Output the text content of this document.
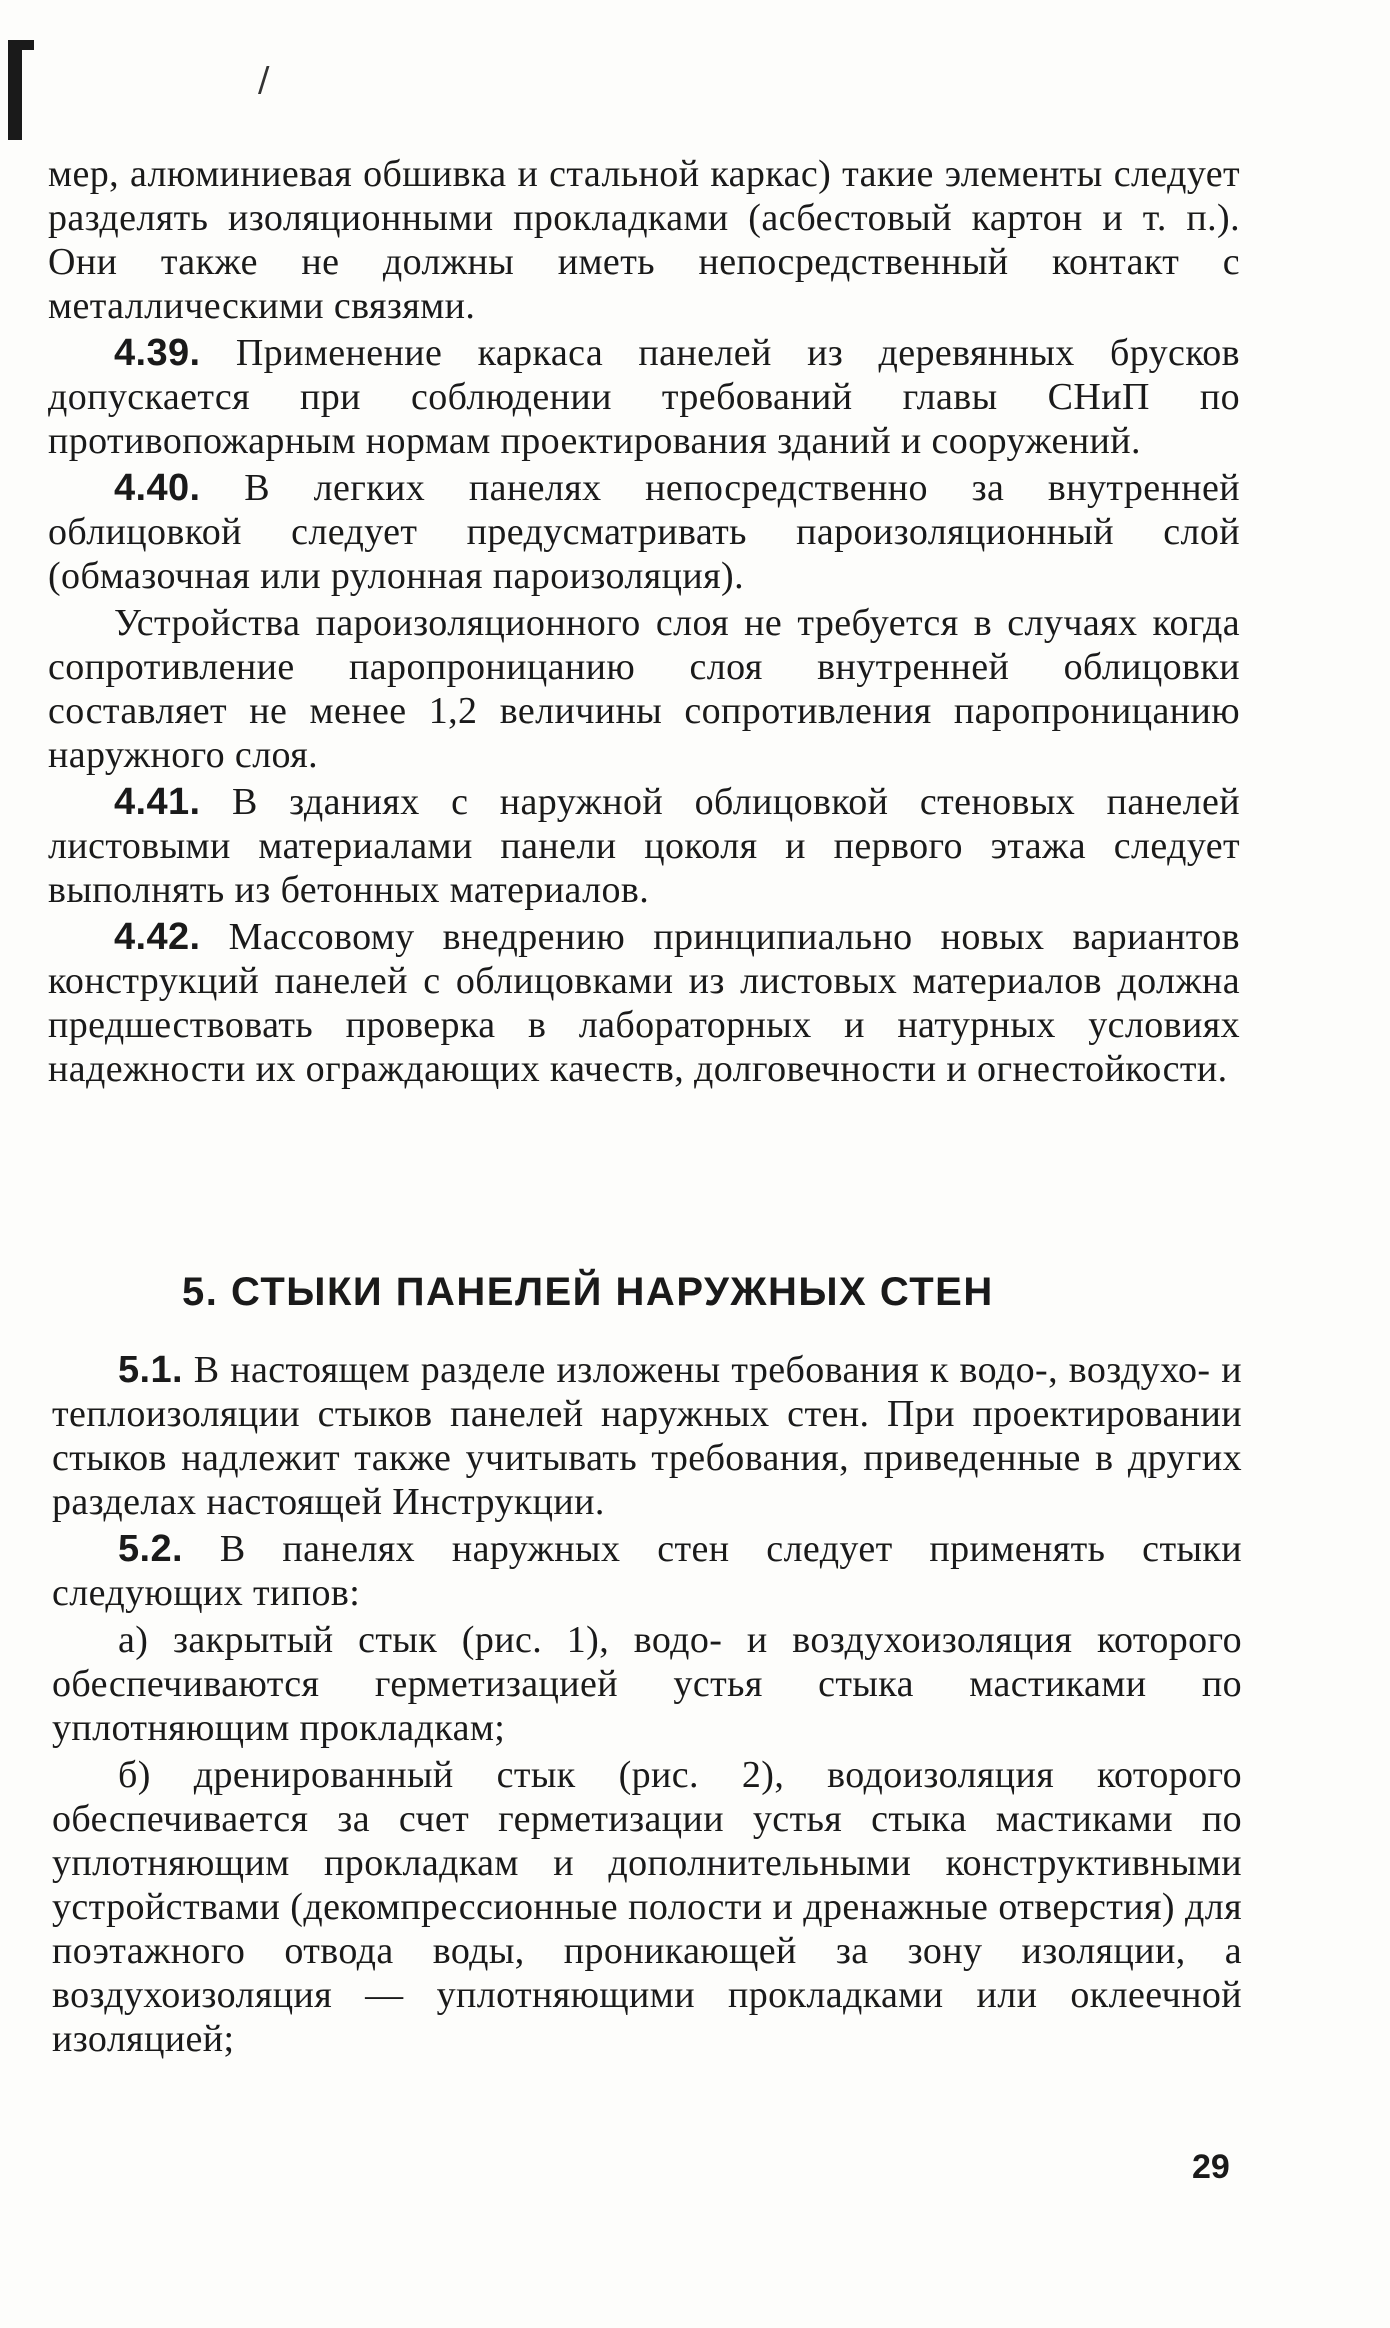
/

мер, алюминиевая обшивка и стальной каркас) такие элементы следует разделять изоляционными прокладками (асбестовый картон и т. п.). Они также не должны иметь непосредственный контакт с металлическими связями.

4.39. Применение каркаса панелей из деревянных брусков допускается при соблюдении требований главы СНиП по противопожарным нормам проектирования зданий и сооружений.

4.40. В легких панелях непосредственно за внутренней облицовкой следует предусматривать пароизоляционный слой (обмазочная или рулонная пароизоляция).

Устройства пароизоляционного слоя не требуется в случаях когда сопротивление паропроницанию слоя внутренней облицовки составляет не менее 1,2 величины сопротивления паропроницанию наружного слоя.

4.41. В зданиях с наружной облицовкой стеновых панелей листовыми материалами панели цоколя и первого этажа следует выполнять из бетонных материалов.

4.42. Массовому внедрению принципиально новых вариантов конструкций панелей с облицовками из листовых материалов должна предшествовать проверка в лабораторных и натурных условиях надежности их ограждающих качеств, долговечности и огнестойкости.

5. СТЫКИ ПАНЕЛЕЙ НАРУЖНЫХ СТЕН

5.1. В настоящем разделе изложены требования к водо-, воздухо- и теплоизоляции стыков панелей наружных стен. При проектировании стыков надлежит также учитывать требования, приведенные в других разделах настоящей Инструкции.

5.2. В панелях наружных стен следует применять стыки следующих типов:

а) закрытый стык (рис. 1), водо- и воздухоизоляция которого обеспечиваются герметизацией устья стыка мастиками по уплотняющим прокладкам;

б) дренированный стык (рис. 2), водоизоляция которого обеспечивается за счет герметизации устья стыка мастиками по уплотняющим прокладкам и дополнительными конструктивными устройствами (декомпрессионные полости и дренажные отверстия) для поэтажного отвода воды, проникающей за зону изоляции, а воздухоизоляция — уплотняющими прокладками или оклеечной изоляцией;

29
